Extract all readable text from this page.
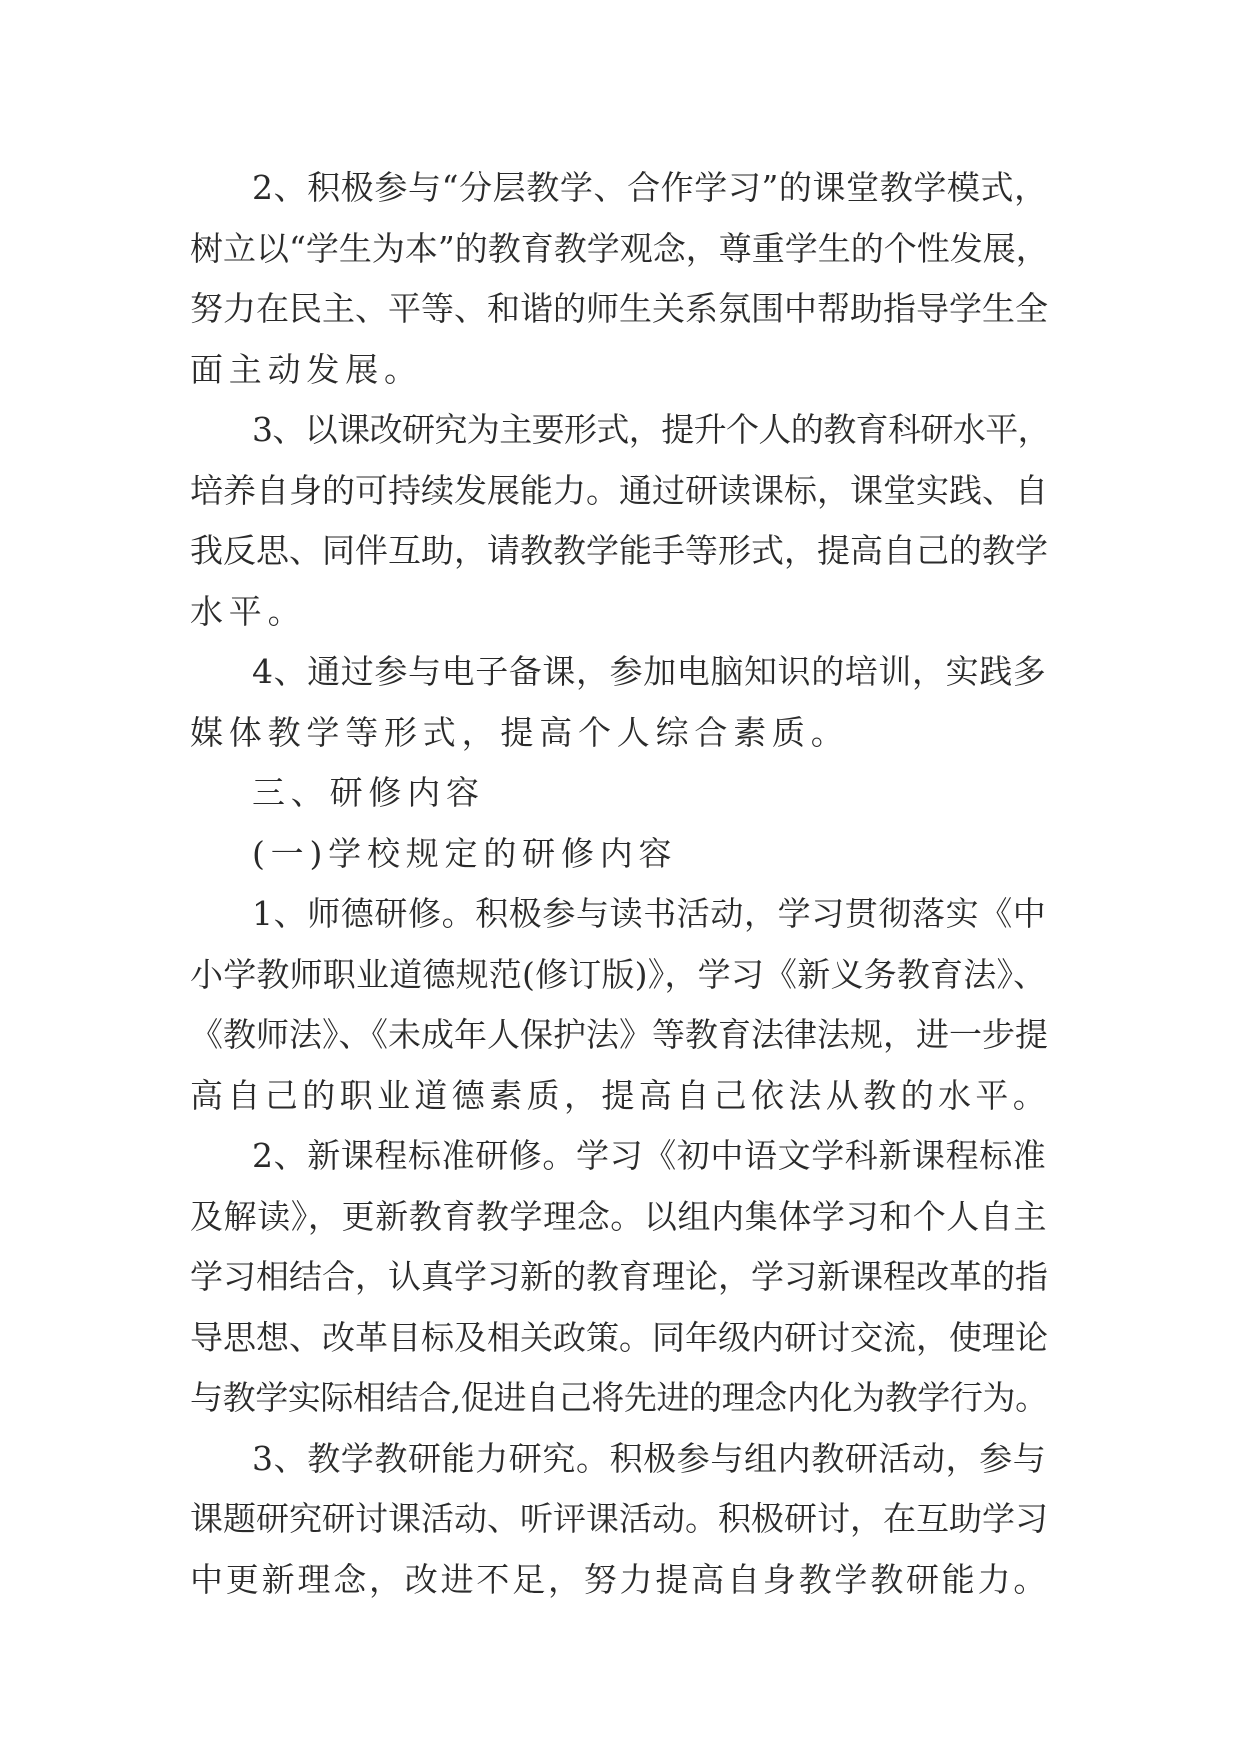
2、积极参与“分层教学、合作学习”的课堂教学模式，
树立以“学生为本”的教育教学观念，尊重学生的个性发展，
努力在民主、平等、和谐的师生关系氛围中帮助指导学生全
面主动发展。
3、以课改研究为主要形式，提升个人的教育科研水平，
培养自身的可持续发展能力。通过研读课标，课堂实践、自
我反思、同伴互助，请教教学能手等形式，提高自己的教学
水平。
4、通过参与电子备课，参加电脑知识的培训，实践多
媒体教学等形式，提高个人综合素质。
三、研修内容
(一)学校规定的研修内容
1、师德研修。积极参与读书活动，学习贯彻落实《中
小学教师职业道德规范(修订版)》，学习《新义务教育法》、
《教师法》、《未成年人保护法》等教育法律法规，进一步提
高自己的职业道德素质，提高自己依法从教的水平。
2、新课程标准研修。学习《初中语文学科新课程标准
及解读》，更新教育教学理念。以组内集体学习和个人自主
学习相结合，认真学习新的教育理论，学习新课程改革的指
导思想、改革目标及相关政策。同年级内研讨交流，使理论
与教学实际相结合,促进自己将先进的理念内化为教学行为。
3、教学教研能力研究。积极参与组内教研活动，参与
课题研究研讨课活动、听评课活动。积极研讨，在互助学习
中更新理念，改进不足，努力提高自身教学教研能力。
